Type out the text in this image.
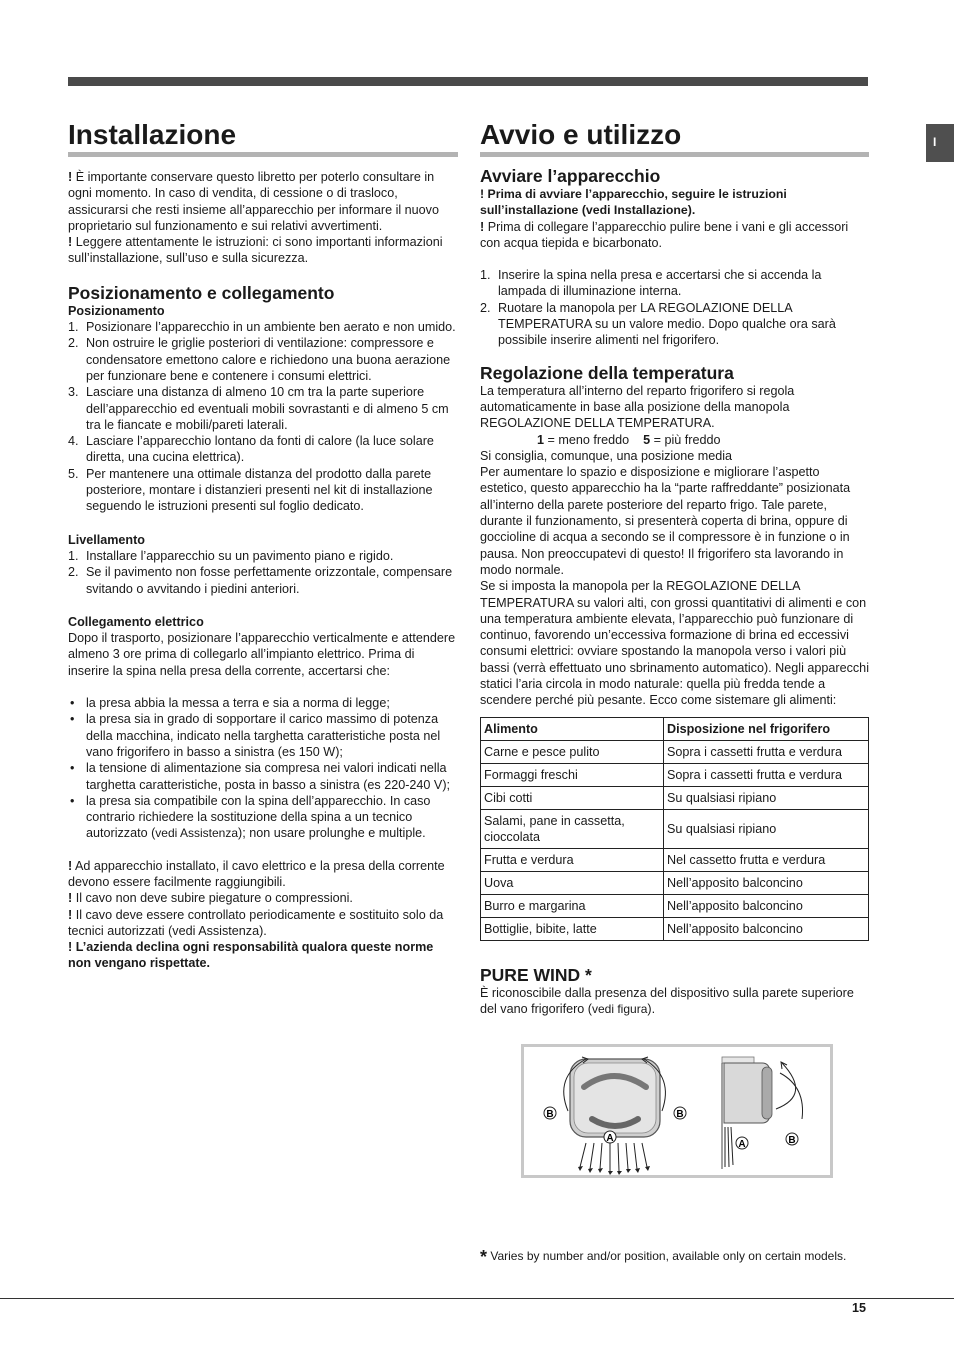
I
Installazione

! È importante conservare questo libretto per poterlo consultare in ogni momento. In caso di vendita, di cessione o di trasloco, assicurarsi che resti insieme all’apparecchio per informare il nuovo proprietario sul funzionamento e sui relativi avvertimenti.

! Leggere attentamente le istruzioni: ci sono importanti informazioni sull’installazione, sull’uso e sulla sicurezza.

Posizionamento e collegamento

Posizionamento

1. Posizionare l’apparecchio in un ambiente ben aerato e non umido.
2. Non ostruire le griglie posteriori di ventilazione: compressore e condensatore emettono calore e richiedono una buona aerazione per funzionare bene e contenere i consumi elettrici.
3. Lasciare una distanza di almeno 10 cm tra la parte superiore dell’apparecchio ed eventuali mobili sovrastanti e di almeno 5 cm tra le fiancate e mobili/pareti laterali.
4. Lasciare l’apparecchio lontano da fonti di calore (la luce solare diretta, una cucina elettrica).
5. Per mantenere una ottimale distanza del prodotto dalla parete posteriore, montare i distanzieri presenti nel kit di installazione seguendo le istruzioni presenti sul foglio dedicato.

Livellamento

1. Installare l’apparecchio su un pavimento piano e rigido.
2. Se il pavimento non fosse perfettamente orizzontale, compensare svitando o avvitando i piedini anteriori.

Collegamento elettrico

Dopo il trasporto, posizionare l’apparecchio verticalmente e attendere almeno 3 ore prima di collegarlo all’impianto elettrico. Prima di inserire la spina nella presa della corrente, accertarsi che:

• la presa abbia la messa a terra e sia a norma di legge;
• la presa sia in grado di sopportare il carico massimo di potenza della macchina, indicato nella targhetta caratteristiche posta nel vano frigorifero in basso a sinistra (es 150 W);
• la tensione di alimentazione sia compresa nei valori indicati nella targhetta caratteristiche, posta in basso a sinistra (es 220-240 V);
• la presa sia compatibile con la spina dell’apparecchio. In caso contrario richiedere la sostituzione della spina a un tecnico autorizzato (vedi Assistenza); non usare prolunghe e multiple.

! Ad apparecchio installato, il cavo elettrico e la presa della corrente devono essere facilmente raggiungibili.

! Il cavo non deve subire piegature o compressioni.

! Il cavo deve essere controllato periodicamente e sostituito solo da tecnici autorizzati (vedi Assistenza).

! L’azienda declina ogni responsabilità qualora queste norme non vengano rispettate.

Avvio e utilizzo
Avviare l’apparecchio

! Prima di avviare l’apparecchio, seguire le istruzioni sull’installazione (vedi Installazione).

! Prima di collegare l’apparecchio pulire bene i vani e gli accessori con acqua tiepida e bicarbonato.

1. Inserire la spina nella presa e accertarsi che si accenda la lampada di illuminazione interna.
2. Ruotare la manopola per LA REGOLAZIONE DELLA TEMPERATURA su un valore medio. Dopo qualche ora sarà possibile inserire alimenti nel frigorifero.
Regolazione della temperatura

La temperatura all’interno del reparto frigorifero si regola automaticamente in base alla posizione della manopola REGOLAZIONE DELLA TEMPERATURA.

1 = meno freddo 5 = più freddo

Si consiglia, comunque, una posizione media

Per aumentare lo spazio e disposizione e migliorare l’aspetto estetico, questo apparecchio ha la “parte raffreddante” posizionata all’interno della parete posteriore del reparto frigo. Tale parete, durante il funzionamento, si presenterà coperta di brina, oppure di goccioline di acqua a secondo se il compressore è in funzione o in pausa. Non preoccupatevi di questo! Il frigorifero sta lavorando in modo normale.

Se si imposta la manopola per la REGOLAZIONE DELLA TEMPERATURA su valori alti, con grossi quantitativi di alimenti e con una temperatura ambiente elevata, l’apparecchio può funzionare di continuo, favorendo un’eccessiva formazione di brina ed eccessivi consumi elettrici: ovviare spostando la manopola verso i valori più bassi (verrà effettuato uno sbrinamento automatico). Negli apparecchi statici l’aria circola in modo naturale: quella più fredda tende a scendere perché più pesante. Ecco come sistemare gli alimenti:

Alimento	Disposizione nel frigorifero
Carne e pesce pulito	Sopra i cassetti frutta e verdura
Formaggi freschi	Sopra i cassetti frutta e verdura
Cibi cotti	Su qualsiasi ripiano
Salami, pane in cassetta, cioccolata	Su qualsiasi ripiano
Frutta e verdura	Nel cassetto frutta e verdura
Uova	Nell’apposito balconcino
Burro e margarina	Nell’apposito balconcino
Bottiglie, bibite, latte	Nell’apposito balconcino
PURE WIND *

È riconoscibile dalla presenza del dispositivo sulla parete superiore del vano frigorifero (vedi figura).

B	B
A
A	B
* Varies by number and/or position, available only on certain models.
15
